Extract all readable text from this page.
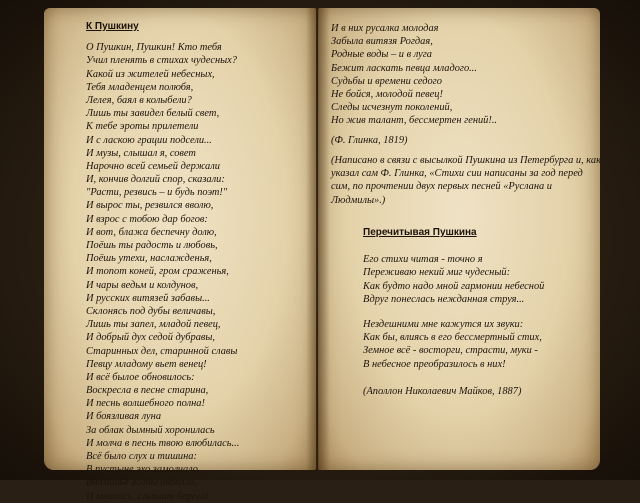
К Пушкину
О Пушкин, Пушкин! Кто тебя
Учил пленять в стихах чудесных?
Какой из жителей небесных,
Тебя младенцем полюбя,
Лелея, баял в колыбели?
Лишь ты завидел белый свет,
К тебе эроты прилетели
И с ласкою грации подсели...
И музы, слышал я, совет
Нарочно всей семьей держали
И, кончив долгий спор, сказали:
"Расти, резвись – и будь поэт!"
И вырос ты, резвился вволю,
И взрос с тобою дар богов:
И вот, блажа беспечну долю,
Поёшь ты радость и любовь,
Поёшь утехи, наслажденья,
И топот коней, гром сраженья,
И чары ведьм и колдунов,
И русских витязей забавы...
Склонясь под дубы величавы,
Лишь ты запел, младой певец,
И добрый дух седой дубравы,
Старинных дел, старинной славы
Певцу младому вьет венец!
И всё былое обновилось:
Воскресла в песне старина,
И песнь волшебного полна!
И боязливая луна
За облак дымный хоронилась
И молча в песнь твою влюбилась...
Всё было слух и тишина:
В пустыне эхо замолчало,
Вниманье волны оковало,
И мнилось, слышит берега!
И в них русалка молодая
Забыла витязя Рогдая,
Родные воды – и в луга
Бежит ласкать певца младого...
Судьбы и времени седого
Не бойся, молодой певец!
Следы исчезнут поколений,
Но жив талант, бессмертен гений!..
(Ф. Глинка, 1819)
(Написано в связи с высылкой Пушкина из Петербурга и, как указал сам Ф. Глинка, «Стихи сии написаны за год перед сим, по прочтении двух первых песней «Руслана и Людмилы».)
Перечитывая Пушкина
Его стихи читая - точно я
Переживаю некий миг чудесный:
Как будто надо мной гармонии небесной
Вдруг понеслась нежданная струя...
Нездешними мне кажутся их звуки:
Как бы, влиясь в его бессмертный стих,
Земное всё - восторги, страсти, муки -
В небесное преобразилось в них!
(Аполлон Николаевич Майков, 1887)
